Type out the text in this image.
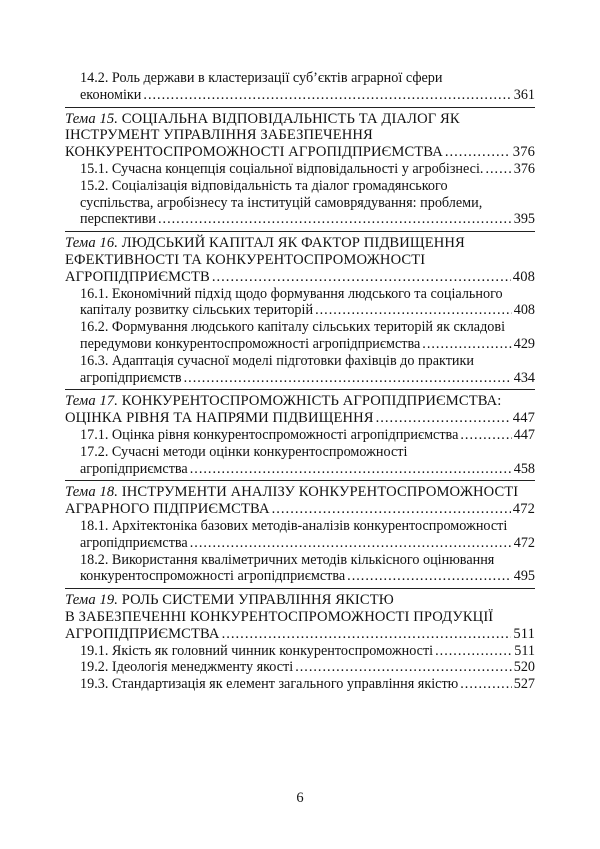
14.2. Роль держави в кластеризації суб’єктів аграрної сфери
економіки .....	361
Тема 15. СОЦІАЛЬНА ВІДПОВІДАЛЬНІСТЬ ТА ДІАЛОГ ЯК
ІНСТРУМЕНТ УПРАВЛІННЯ ЗАБЕЗПЕЧЕННЯ
КОНКУРЕНТОСПРОМОЖНОСТІ АГРОПІДПРИЄМСТВА .....	376
15.1. Сучасна концепція соціальної відповідальності у агробізнесі. ..... 376
15.2. Соціалізація відповідальність та діалог громадянського
суспільства, агробізнесу та інституцій самоврядування: проблеми,
перспективи .....	395
Тема 16. ЛЮДСЬКИЙ КАПІТАЛ ЯК ФАКТОР ПІДВИЩЕННЯ
ЕФЕКТИВНОСТІ ТА КОНКУРЕНТОСПРОМОЖНОСТІ
АГРОПІДПРИЄМСТВ .....	408
16.1. Економічний підхід щодо формування людського та соціального
капіталу розвитку сільських територій .....	408
16.2. Формування людського капіталу сільських територій як складові
передумови конкурентоспроможності агропідприємства .....	429
16.3. Адаптація сучасної моделі підготовки фахівців до практики
агропідприємств .....	434
Тема 17. КОНКУРЕНТОСПРОМОЖНІСТЬ АГРОПІДПРИЄМСТВА:
ОЦІНКА РІВНЯ ТА НАПРЯМИ ПІДВИЩЕННЯ .....	447
17.1. Оцінка рівня конкурентоспроможності агропідприємства .....	447
17.2. Сучасні методи оцінки конкурентоспроможності
агропідприємства .....	458
Тема 18. ІНСТРУМЕНТИ АНАЛІЗУ КОНКУРЕНТОСПРОМОЖНОСТІ
АГРАРНОГО ПІДПРИЄМСТВА .....	472
18.1. Архітектоніка базових методів-аналізів конкурентоспроможності
агропідприємства .....	472
18.2. Використання кваліметричних методів кількісного оцінювання
конкурентоспроможності агропідприємства .....	495
Тема 19. РОЛЬ СИСТЕМИ УПРАВЛІННЯ ЯКІСТЮ
В ЗАБЕЗПЕЧЕННІ КОНКУРЕНТОСПРОМОЖНОСТІ ПРОДУКЦІЇ
АГРОПІДПРИЄМСТВА .....	511
19.1. Якість як головний чинник конкурентоспроможності .....	511
19.2. Ідеологія менеджменту якості .....	520
19.3. Стандартизація як елемент загального управління якістю .....	527
6
